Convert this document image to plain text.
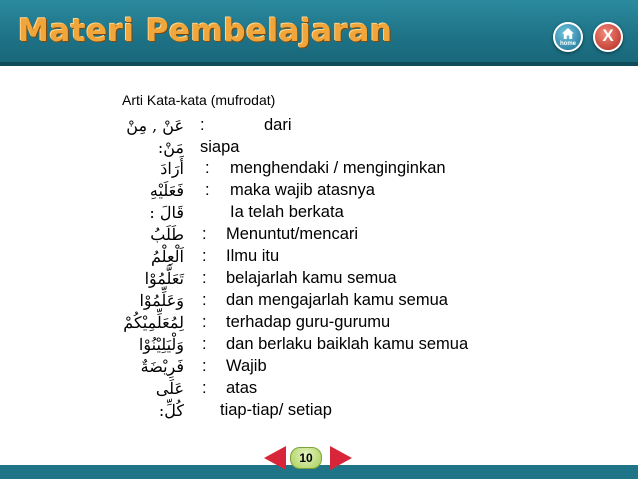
Materi Pembelajaran	home	X
Arti Kata-kata (mufrodat)
عَنْ , مِنْ :	dari
مَنْ: siapa
أَرَادَ : menghendaki / menginginkan
فَعَلَيْهِ : maka wajib atasnya
قَالَ :	Ia telah berkata
طَلَبُ : Menuntut/mencari
اَلْعِلْمُ : Ilmu itu
تَعَلَّمُوْا : belajarlah kamu semua
وَعَلِّمُوْا : dan mengajarlah kamu semua
لِمُعَلِّمِيْكُمْ : terhadap guru-gurumu
وَلْيَلِيْنُوْا : dan berlaku baiklah kamu semua
فَرِيْضَةٌ : Wajib
عَلَى : atas
كُلِّ: tiap-tiap/ setiap
10
